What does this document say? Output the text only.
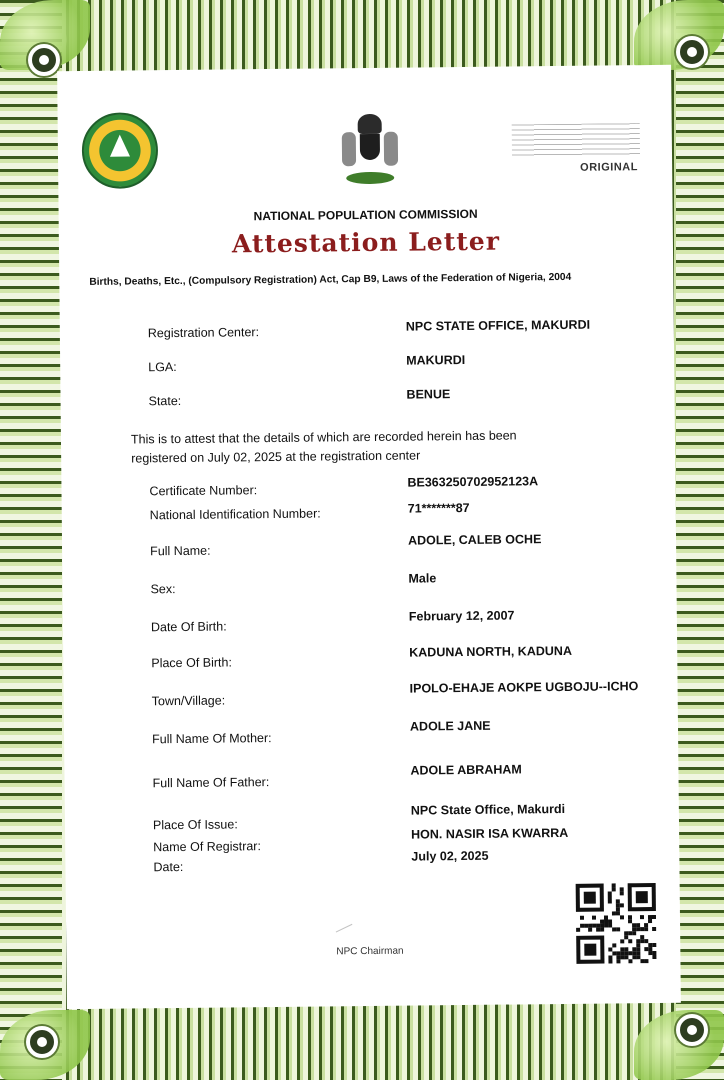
ORIGINAL
NATIONAL POPULATION COMMISSION
Attestation Letter
Births, Deaths, Etc., (Compulsory Registration) Act, Cap B9, Laws of the Federation of Nigeria, 2004
Registration Center:	NPC STATE OFFICE, MAKURDI
LGA:	MAKURDI
State:	BENUE
This is to attest that the details of which are recorded herein has been registered on July 02, 2025 at the registration center
Certificate Number:
BE363250702952123A
National Identification Number:	71*******87
Full Name:
ADOLE, CALEB OCHE
Sex:
Male
Date Of Birth:
February 12, 2007
Place Of Birth:
KADUNA NORTH, KADUNA
Town/Village:
IPOLO-EHAJE AOKPE UGBOJU--ICHO
Full Name Of Mother:
ADOLE JANE
Full Name Of Father:
ADOLE ABRAHAM
Place Of Issue:
NPC State Office, Makurdi
Name Of Registrar:
HON. NASIR ISA KWARRA
Date:
July 02, 2025
NPC Chairman
